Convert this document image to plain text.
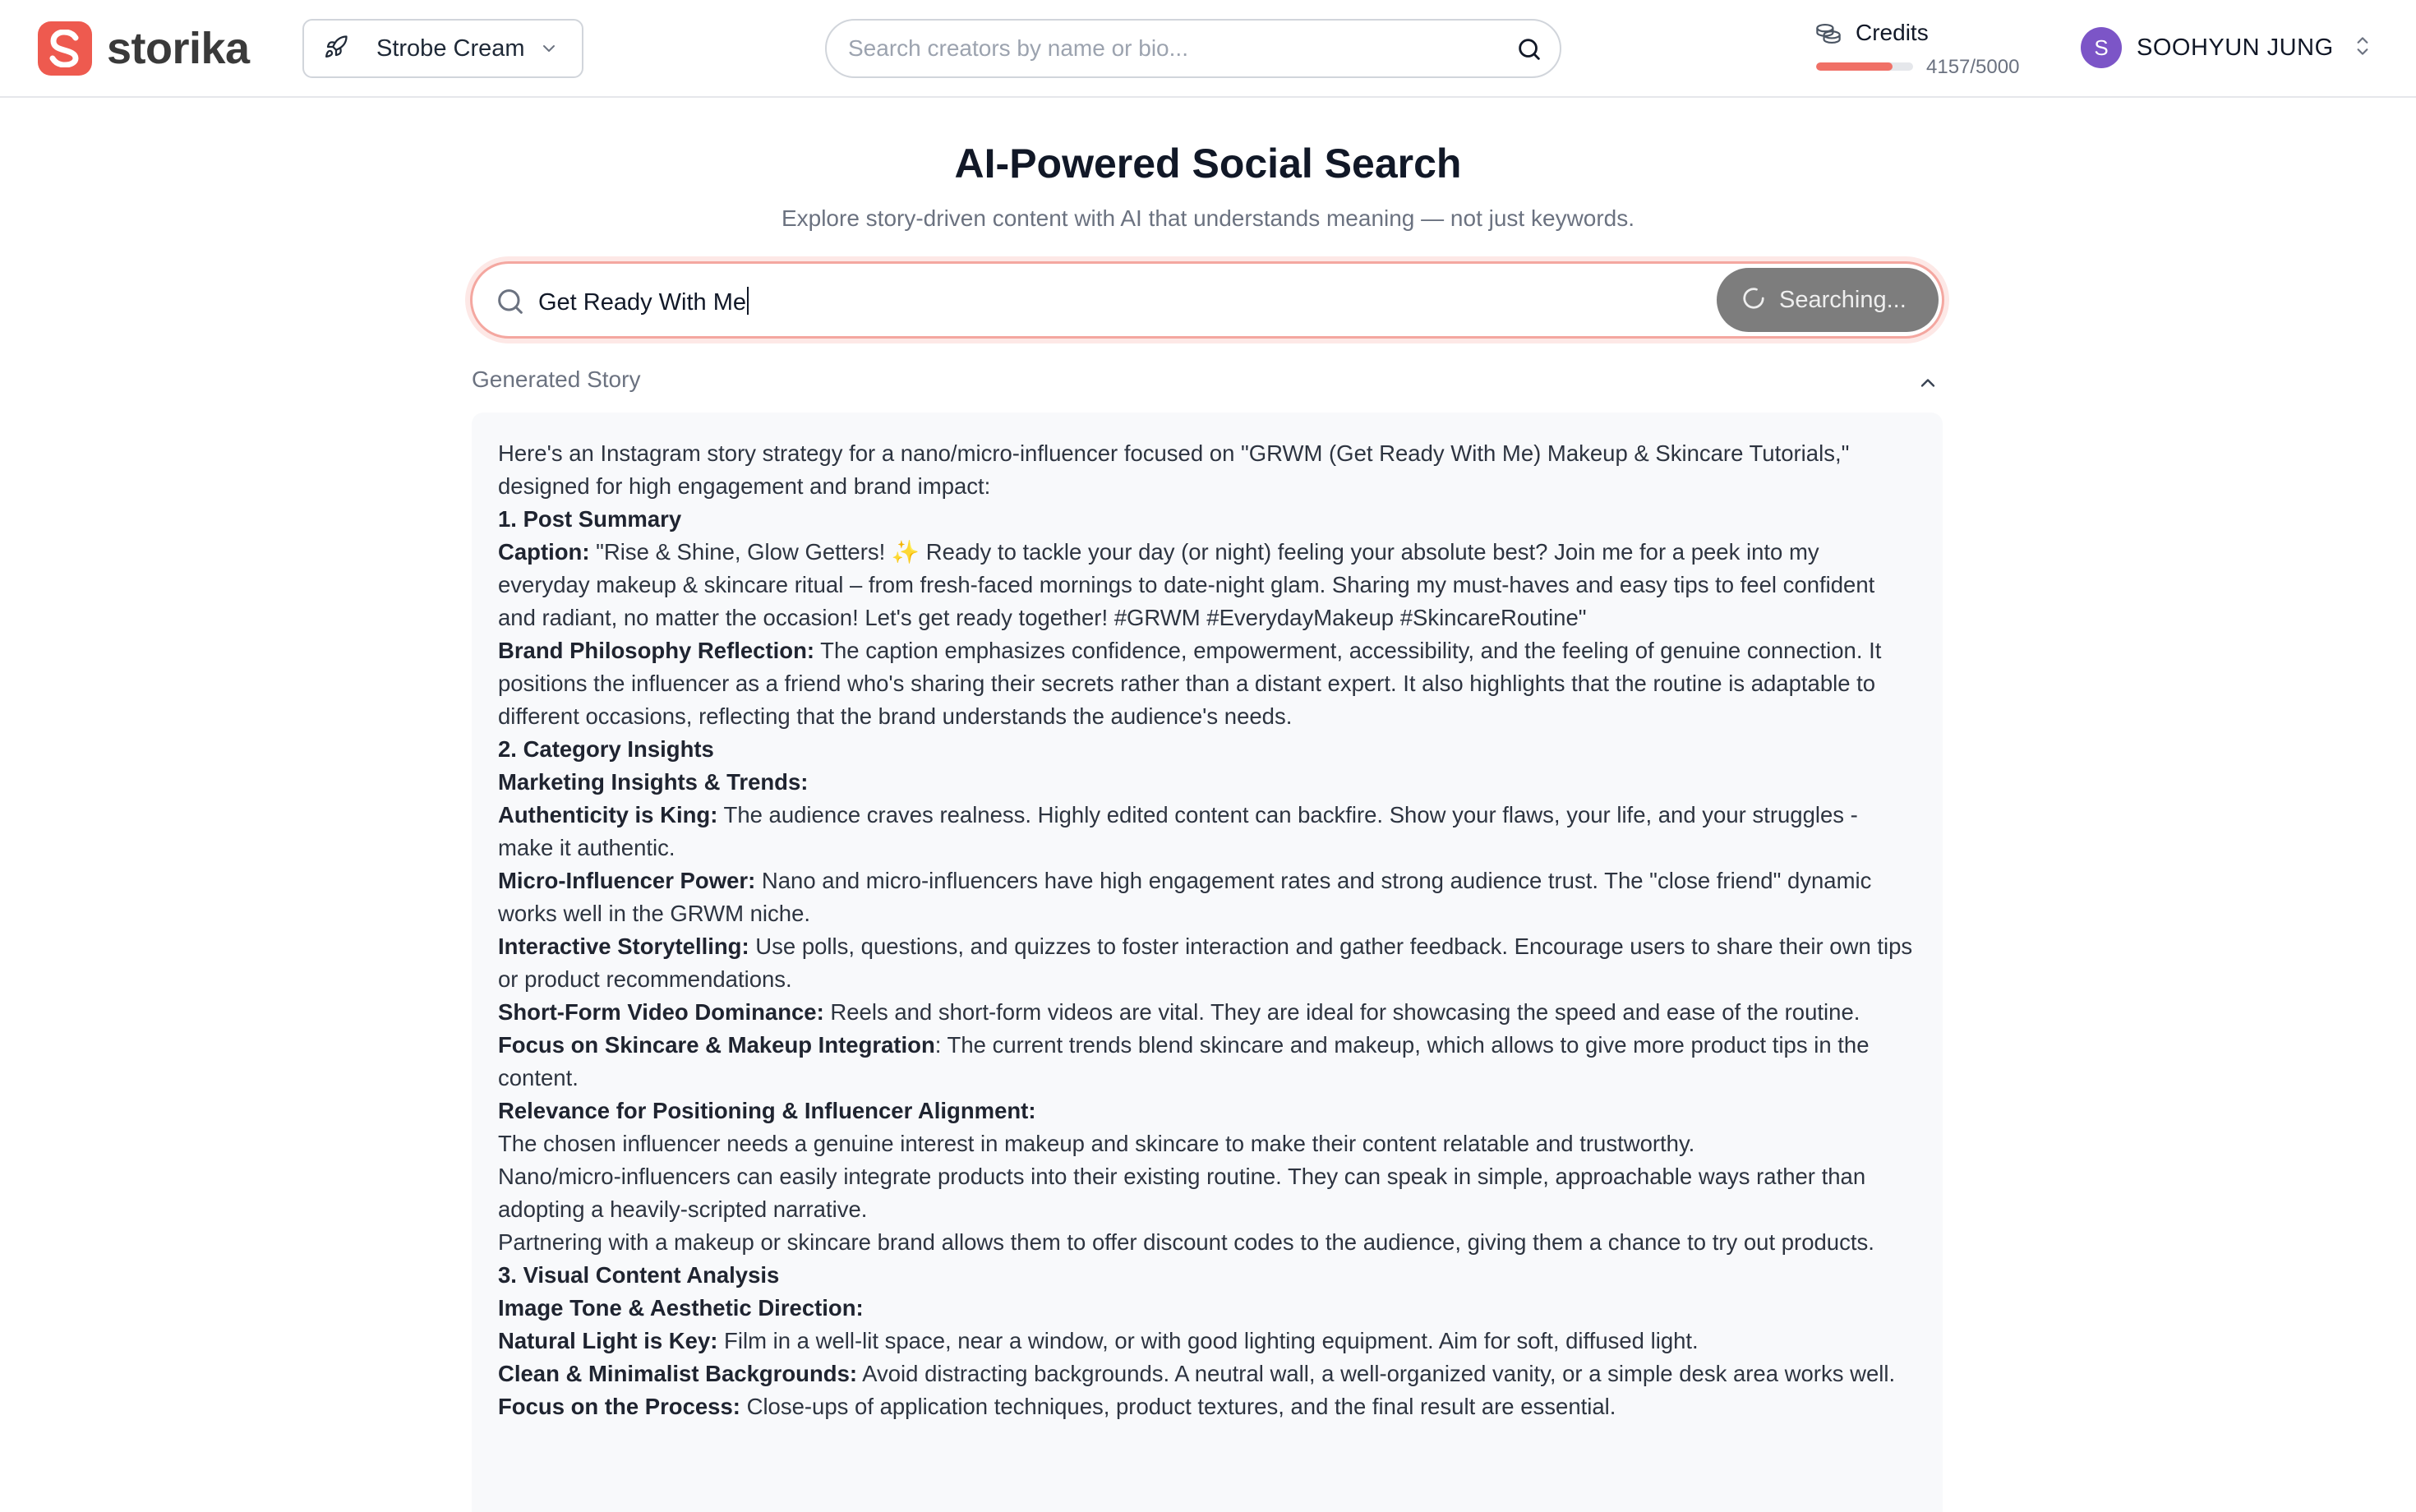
storika	Strobe Cream
Search creators by name or bio...
Credits
4157/5000
S	SOOHYUN JUNG
AI-Powered Social Search

Explore story-driven content with AI that understands meaning — not just keywords.

Get Ready With Me	Searching...
Generated Story

Here's an Instagram story strategy for a nano/micro-influencer focused on "GRWM (Get Ready With Me) Makeup & Skincare Tutorials," designed for high engagement and brand impact:

1. Post Summary

Caption: "Rise & Shine, Glow Getters! ✨ Ready to tackle your day (or night) feeling your absolute best? Join me for a peek into my everyday makeup & skincare ritual – from fresh-faced mornings to date-night glam. Sharing my must-haves and easy tips to feel confident and radiant, no matter the occasion! Let's get ready together! #GRWM #EverydayMakeup #SkincareRoutine"

Brand Philosophy Reflection: The caption emphasizes confidence, empowerment, accessibility, and the feeling of genuine connection. It positions the influencer as a friend who's sharing their secrets rather than a distant expert. It also highlights that the routine is adaptable to different occasions, reflecting that the brand understands the audience's needs.

2. Category Insights

Marketing Insights & Trends:

Authenticity is King: The audience craves realness. Highly edited content can backfire. Show your flaws, your life, and your struggles - make it authentic.

Micro-Influencer Power: Nano and micro-influencers have high engagement rates and strong audience trust. The "close friend" dynamic works well in the GRWM niche.

Interactive Storytelling: Use polls, questions, and quizzes to foster interaction and gather feedback. Encourage users to share their own tips or product recommendations.

Short-Form Video Dominance: Reels and short-form videos are vital. They are ideal for showcasing the speed and ease of the routine.

Focus on Skincare & Makeup Integration: The current trends blend skincare and makeup, which allows to give more product tips in the content.

Relevance for Positioning & Influencer Alignment:

The chosen influencer needs a genuine interest in makeup and skincare to make their content relatable and trustworthy.

Nano/micro-influencers can easily integrate products into their existing routine. They can speak in simple, approachable ways rather than adopting a heavily-scripted narrative.

Partnering with a makeup or skincare brand allows them to offer discount codes to the audience, giving them a chance to try out products.

3. Visual Content Analysis

Image Tone & Aesthetic Direction:

Natural Light is Key: Film in a well-lit space, near a window, or with good lighting equipment. Aim for soft, diffused light.

Clean & Minimalist Backgrounds: Avoid distracting backgrounds. A neutral wall, a well-organized vanity, or a simple desk area works well.

Focus on the Process: Close-ups of application techniques, product textures, and the final result are essential.
